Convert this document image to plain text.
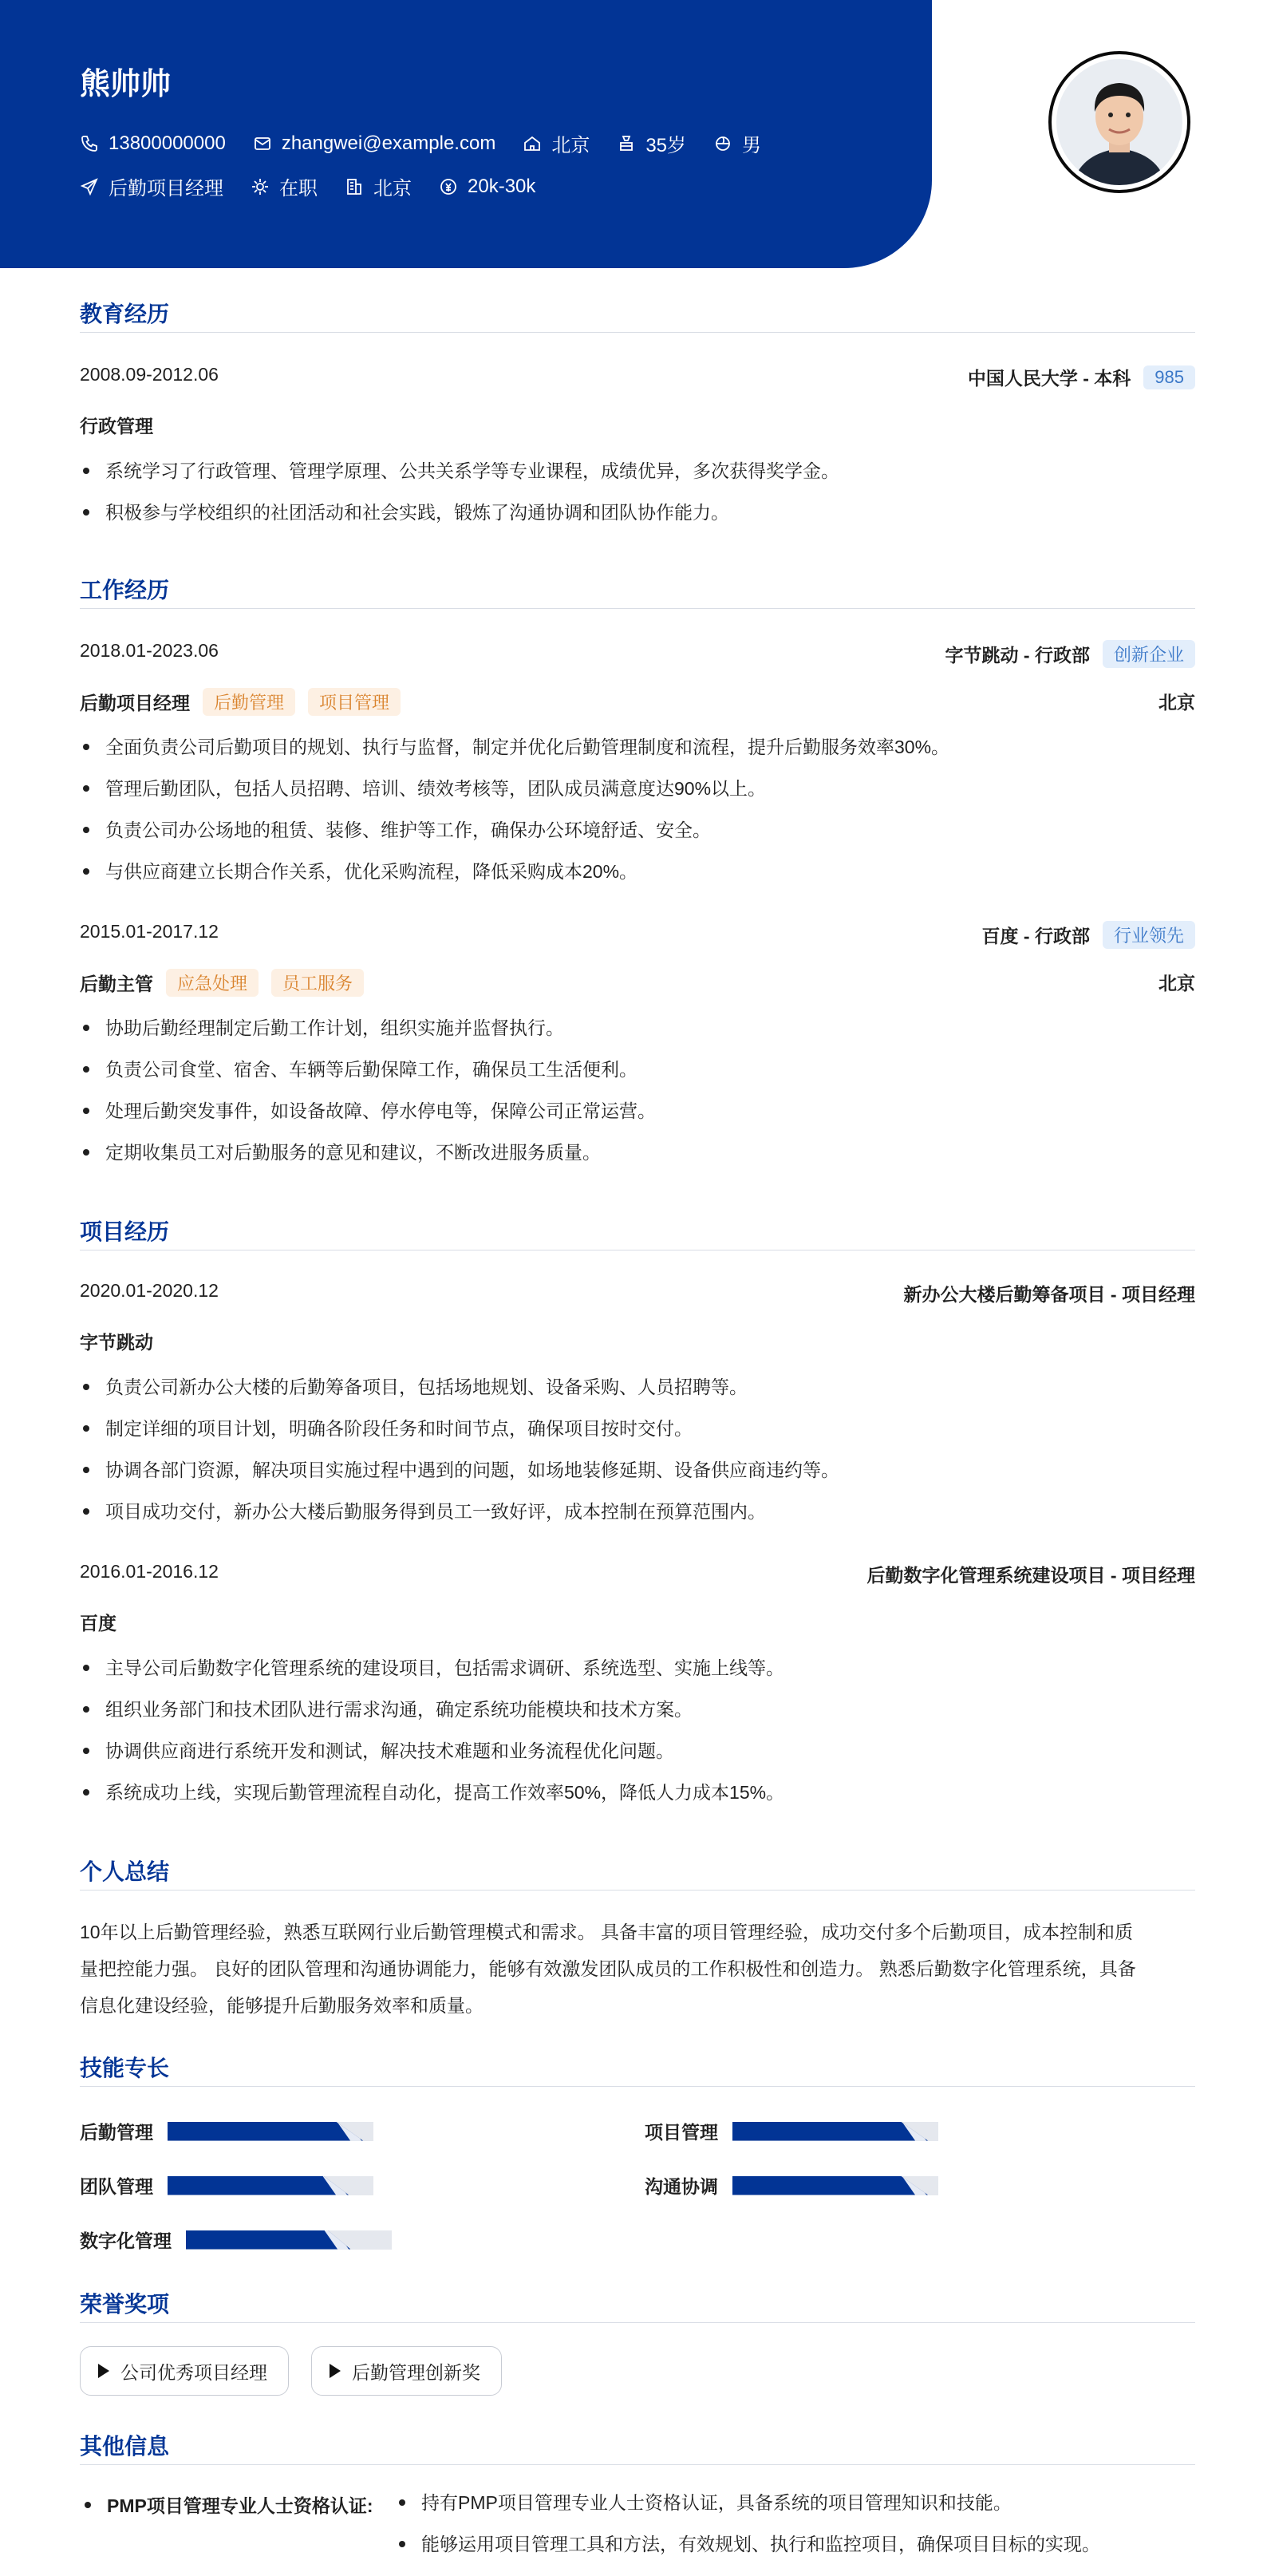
熊帅帅
13800000000	zhangwei@example.com	北京	35岁	男
后勤项目经理	在职	北京	20k-30k
教育经历
2008.09-2012.06	中国人民大学 - 本科	985
行政管理
系统学习了行政管理、管理学原理、公共关系学等专业课程，成绩优异，多次获得奖学金。
积极参与学校组织的社团活动和社会实践，锻炼了沟通协调和团队协作能力。
工作经历
2018.01-2023.06	字节跳动 - 行政部	创新企业
后勤项目经理	后勤管理	项目管理	北京
全面负责公司后勤项目的规划、执行与监督，制定并优化后勤管理制度和流程，提升后勤服务效率30%。
管理后勤团队，包括人员招聘、培训、绩效考核等，团队成员满意度达90%以上。
负责公司办公场地的租赁、装修、维护等工作，确保办公环境舒适、安全。
与供应商建立长期合作关系，优化采购流程，降低采购成本20%。
2015.01-2017.12	百度 - 行政部	行业领先
后勤主管	应急处理	员工服务	北京
协助后勤经理制定后勤工作计划，组织实施并监督执行。
负责公司食堂、宿舍、车辆等后勤保障工作，确保员工生活便利。
处理后勤突发事件，如设备故障、停水停电等，保障公司正常运营。
定期收集员工对后勤服务的意见和建议，不断改进服务质量。
项目经历
2020.01-2020.12	新办公大楼后勤筹备项目 - 项目经理
字节跳动
负责公司新办公大楼的后勤筹备项目，包括场地规划、设备采购、人员招聘等。
制定详细的项目计划，明确各阶段任务和时间节点，确保项目按时交付。
协调各部门资源，解决项目实施过程中遇到的问题，如场地装修延期、设备供应商违约等。
项目成功交付，新办公大楼后勤服务得到员工一致好评，成本控制在预算范围内。
2016.01-2016.12	后勤数字化管理系统建设项目 - 项目经理
百度
主导公司后勤数字化管理系统的建设项目，包括需求调研、系统选型、实施上线等。
组织业务部门和技术团队进行需求沟通，确定系统功能模块和技术方案。
协调供应商进行系统开发和测试，解决技术难题和业务流程优化问题。
系统成功上线，实现后勤管理流程自动化，提高工作效率50%，降低人力成本15%。
个人总结
10年以上后勤管理经验，熟悉互联网行业后勤管理模式和需求。 具备丰富的项目管理经验，成功交付多个后勤项目，成本控制和质
量把控能力强。 良好的团队管理和沟通协调能力，能够有效激发团队成员的工作积极性和创造力。 熟悉后勤数字化管理系统，具备
信息化建设经验，能够提升后勤服务效率和质量。
技能专长
后勤管理	项目管理
团队管理	沟通协调
数字化管理
荣誉奖项
公司优秀项目经理	后勤管理创新奖
其他信息
PMP项目管理专业人士资格认证:	持有PMP项目管理专业人士资格认证，具备系统的项目管理知识和技能。
能够运用项目管理工具和方法，有效规划、执行和监控项目，确保项目目标的实现。
